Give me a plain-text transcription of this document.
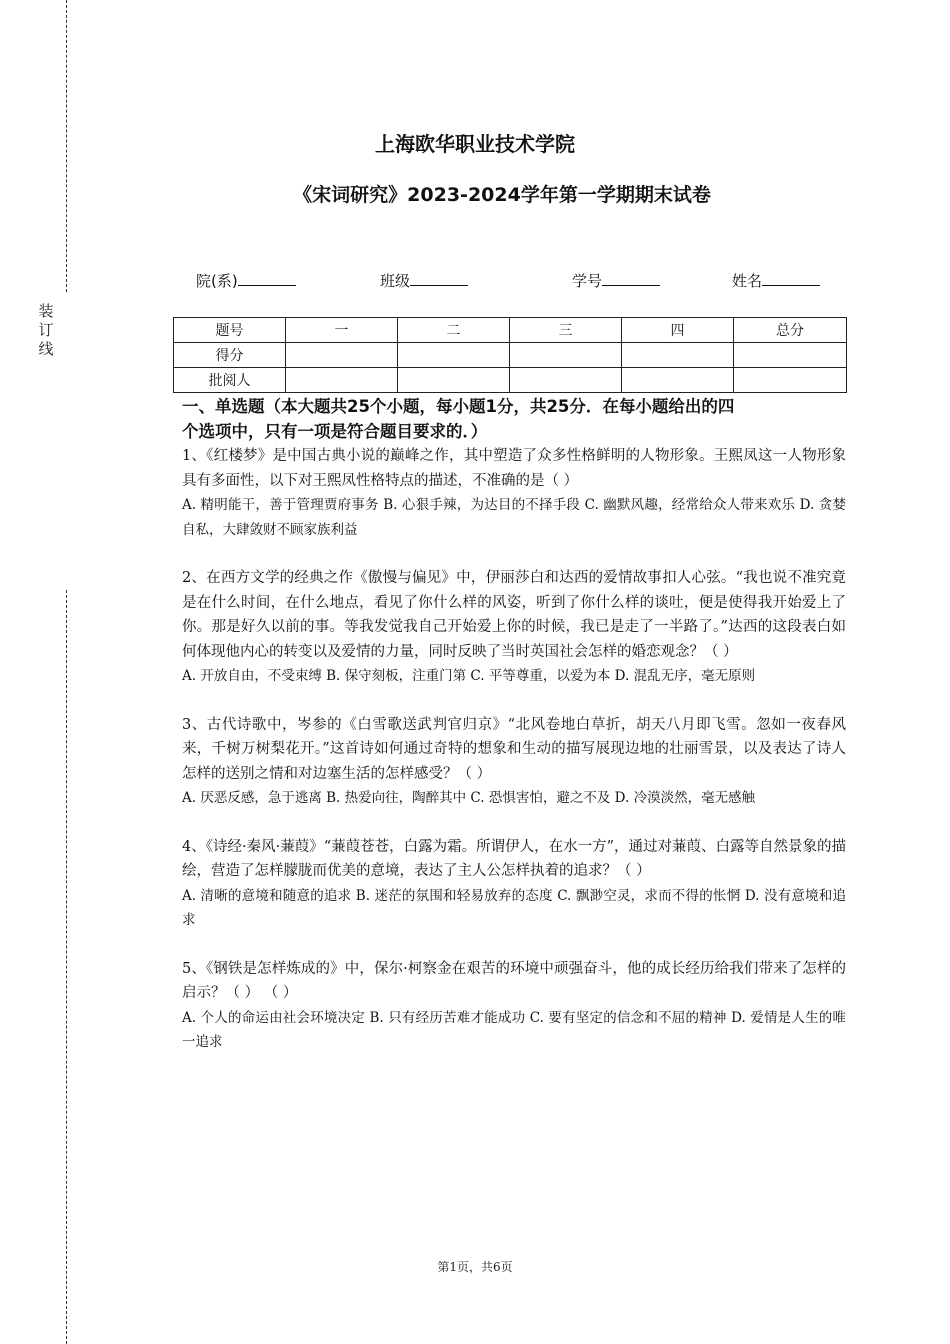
装订线
上海欧华职业技术学院
《宋词研究》2023-2024学年第一学期期末试卷
院(系)	班级	学号	姓名
题号	一	二	三	四	总分
得分					
批阅人					

一、单选题（本大题共25个小题，每小题1分，共25分．在每小题给出的四

个选项中，只有一项是符合题目要求的．）

1、《红楼梦》是中国古典小说的巅峰之作，其中塑造了众多性格鲜明的人物形象。王熙凤这一人物形象具有多面性，以下对王熙凤性格特点的描述，不准确的是（ ）

A. 精明能干，善于管理贾府事务 B. 心狠手辣，为达目的不择手段 C. 幽默风趣，经常给众人带来欢乐 D. 贪婪自私，大肆敛财不顾家族利益

2、在西方文学的经典之作《傲慢与偏见》中，伊丽莎白和达西的爱情故事扣人心弦。“我也说不准究竟是在什么时间，在什么地点，看见了你什么样的风姿，听到了你什么样的谈吐，便是使得我开始爱上了你。那是好久以前的事。等我发觉我自己开始爱上你的时候，我已是走了一半路了。”达西的这段表白如何体现他内心的转变以及爱情的力量，同时反映了当时英国社会怎样的婚恋观念？（ ）

A. 开放自由，不受束缚 B. 保守刻板，注重门第 C. 平等尊重，以爱为本 D. 混乱无序，毫无原则

3、古代诗歌中，岑参的《白雪歌送武判官归京》“北风卷地白草折，胡天八月即飞雪。忽如一夜春风来，千树万树梨花开。”这首诗如何通过奇特的想象和生动的描写展现边地的壮丽雪景，以及表达了诗人怎样的送别之情和对边塞生活的怎样感受？（ ）

A. 厌恶反感，急于逃离 B. 热爱向往，陶醉其中 C. 恐惧害怕，避之不及 D. 冷漠淡然，毫无感触

4、《诗经·秦风·蒹葭》“蒹葭苍苍，白露为霜。所谓伊人，在水一方”，通过对蒹葭、白露等自然景象的描绘，营造了怎样朦胧而优美的意境，表达了主人公怎样执着的追求？（ ）

A. 清晰的意境和随意的追求 B. 迷茫的氛围和轻易放弃的态度 C. 飘渺空灵，求而不得的怅惘 D. 没有意境和追求

5、《钢铁是怎样炼成的》中，保尔·柯察金在艰苦的环境中顽强奋斗，他的成长经历给我们带来了怎样的启示？（ ） （ ）

A. 个人的命运由社会环境决定 B. 只有经历苦难才能成功 C. 要有坚定的信念和不屈的精神 D. 爱情是人生的唯一追求

第1页，共6页
